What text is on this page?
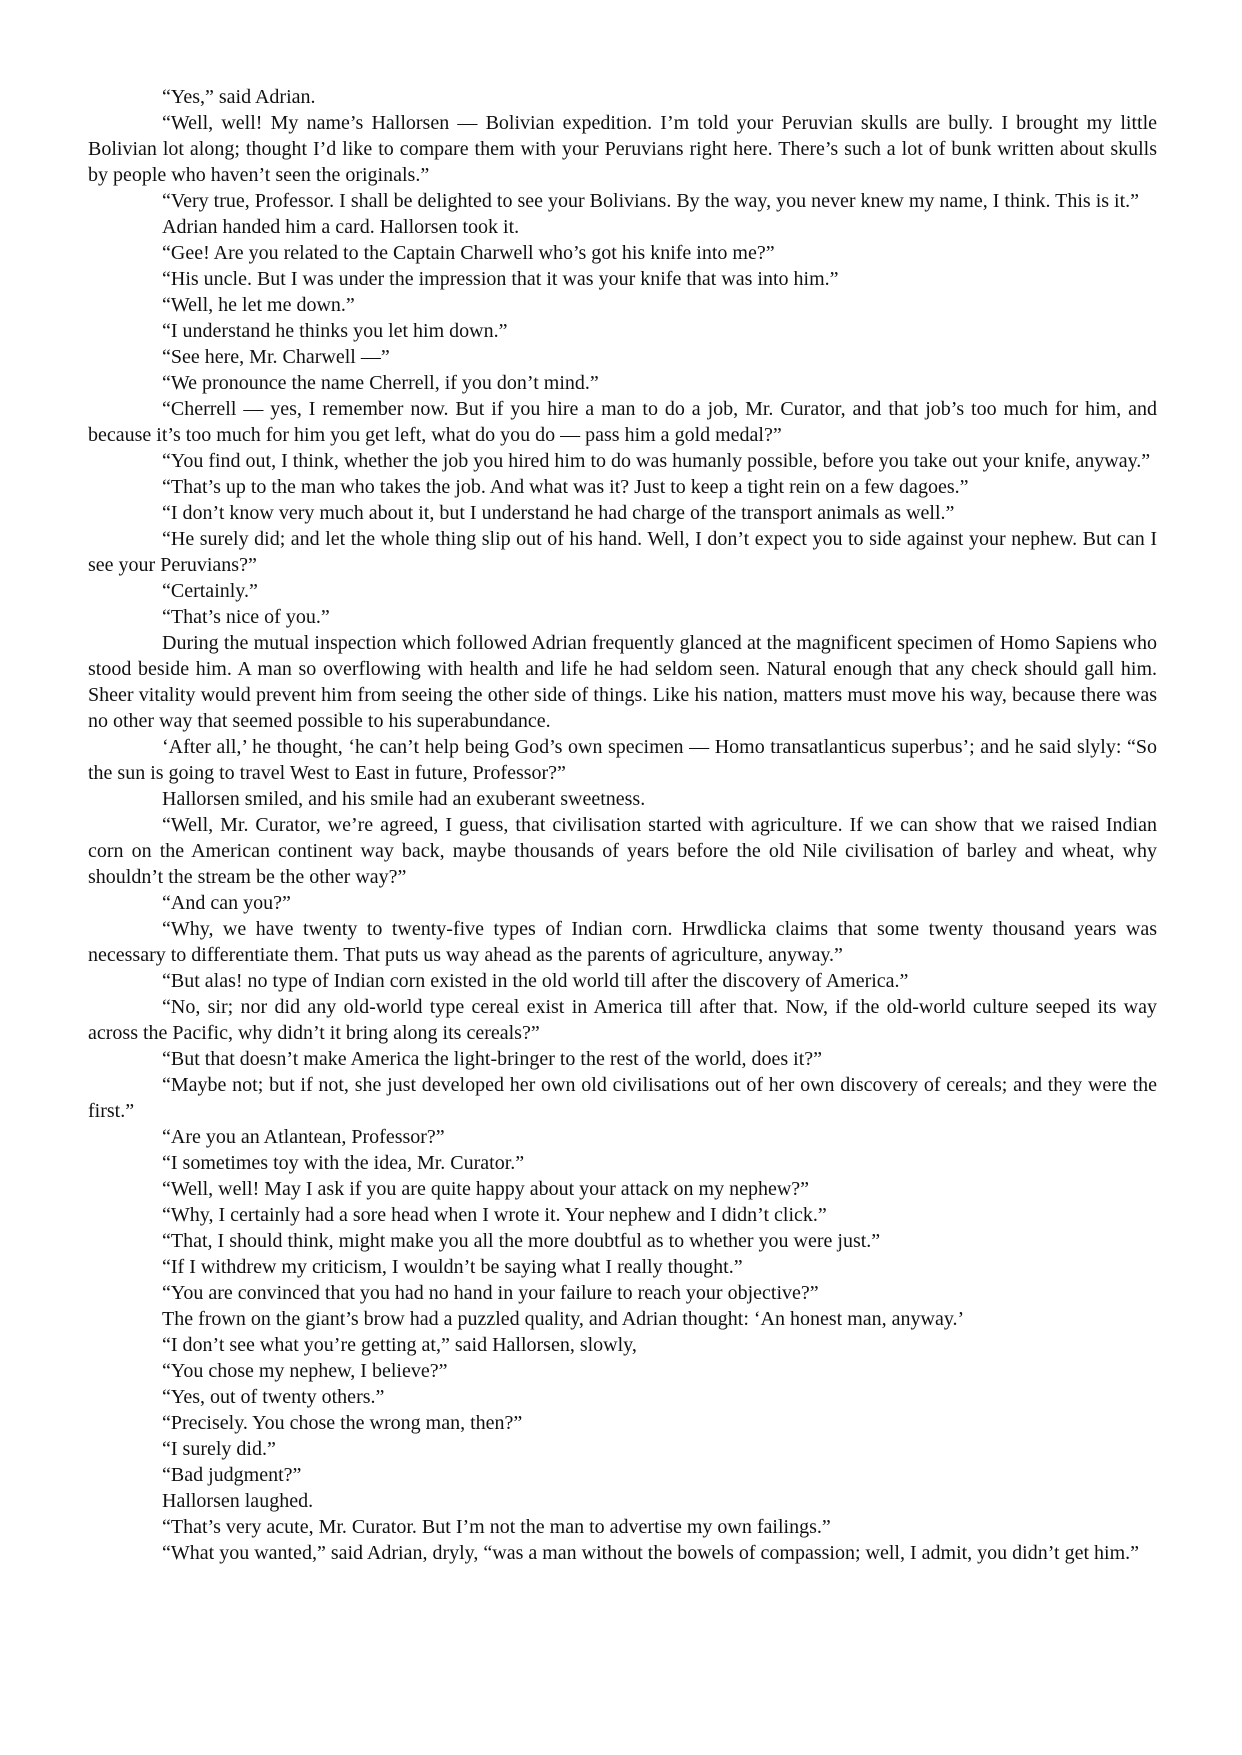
“Yes,” said Adrian.

“Well, well! My name’s Hallorsen — Bolivian expedition. I’m told your Peruvian skulls are bully. I brought my little Bolivian lot along; thought I’d like to compare them with your Peruvians right here. There’s such a lot of bunk written about skulls by people who haven’t seen the originals.”

“Very true, Professor. I shall be delighted to see your Bolivians. By the way, you never knew my name, I think. This is it.”

Adrian handed him a card. Hallorsen took it.

“Gee! Are you related to the Captain Charwell who’s got his knife into me?”

“His uncle. But I was under the impression that it was your knife that was into him.”

“Well, he let me down.”

“I understand he thinks you let him down.”

“See here, Mr. Charwell —”

“We pronounce the name Cherrell, if you don’t mind.”

“Cherrell — yes, I remember now. But if you hire a man to do a job, Mr. Curator, and that job’s too much for him, and because it’s too much for him you get left, what do you do — pass him a gold medal?”

“You find out, I think, whether the job you hired him to do was humanly possible, before you take out your knife, anyway.”

“That’s up to the man who takes the job. And what was it? Just to keep a tight rein on a few dagoes.”

“I don’t know very much about it, but I understand he had charge of the transport animals as well.”

“He surely did; and let the whole thing slip out of his hand. Well, I don’t expect you to side against your nephew. But can I see your Peruvians?”

“Certainly.”

“That’s nice of you.”

During the mutual inspection which followed Adrian frequently glanced at the magnificent specimen of Homo Sapiens who stood beside him. A man so overflowing with health and life he had seldom seen. Natural enough that any check should gall him. Sheer vitality would prevent him from seeing the other side of things. Like his nation, matters must move his way, because there was no other way that seemed possible to his superabundance.

‘After all,’ he thought, ‘he can’t help being God’s own specimen — Homo transatlanticus superbus’; and he said slyly: “So the sun is going to travel West to East in future, Professor?”

Hallorsen smiled, and his smile had an exuberant sweetness.

“Well, Mr. Curator, we’re agreed, I guess, that civilisation started with agriculture. If we can show that we raised Indian corn on the American continent way back, maybe thousands of years before the old Nile civilisation of barley and wheat, why shouldn’t the stream be the other way?”

“And can you?”

“Why, we have twenty to twenty-five types of Indian corn. Hrwdlicka claims that some twenty thousand years was necessary to differentiate them. That puts us way ahead as the parents of agriculture, anyway.”

“But alas! no type of Indian corn existed in the old world till after the discovery of America.”

“No, sir; nor did any old-world type cereal exist in America till after that. Now, if the old-world culture seeped its way across the Pacific, why didn’t it bring along its cereals?”

“But that doesn’t make America the light-bringer to the rest of the world, does it?”

“Maybe not; but if not, she just developed her own old civilisations out of her own discovery of cereals; and they were the first.”

“Are you an Atlantean, Professor?”

“I sometimes toy with the idea, Mr. Curator.”

“Well, well! May I ask if you are quite happy about your attack on my nephew?”

“Why, I certainly had a sore head when I wrote it. Your nephew and I didn’t click.”

“That, I should think, might make you all the more doubtful as to whether you were just.”

“If I withdrew my criticism, I wouldn’t be saying what I really thought.”

“You are convinced that you had no hand in your failure to reach your objective?”

The frown on the giant’s brow had a puzzled quality, and Adrian thought: ‘An honest man, anyway.’

“I don’t see what you’re getting at,” said Hallorsen, slowly,

“You chose my nephew, I believe?”

“Yes, out of twenty others.”

“Precisely. You chose the wrong man, then?”

“I surely did.”

“Bad judgment?”

Hallorsen laughed.

“That’s very acute, Mr. Curator. But I’m not the man to advertise my own failings.”

“What you wanted,” said Adrian, dryly, “was a man without the bowels of compassion; well, I admit, you didn’t get him.”
